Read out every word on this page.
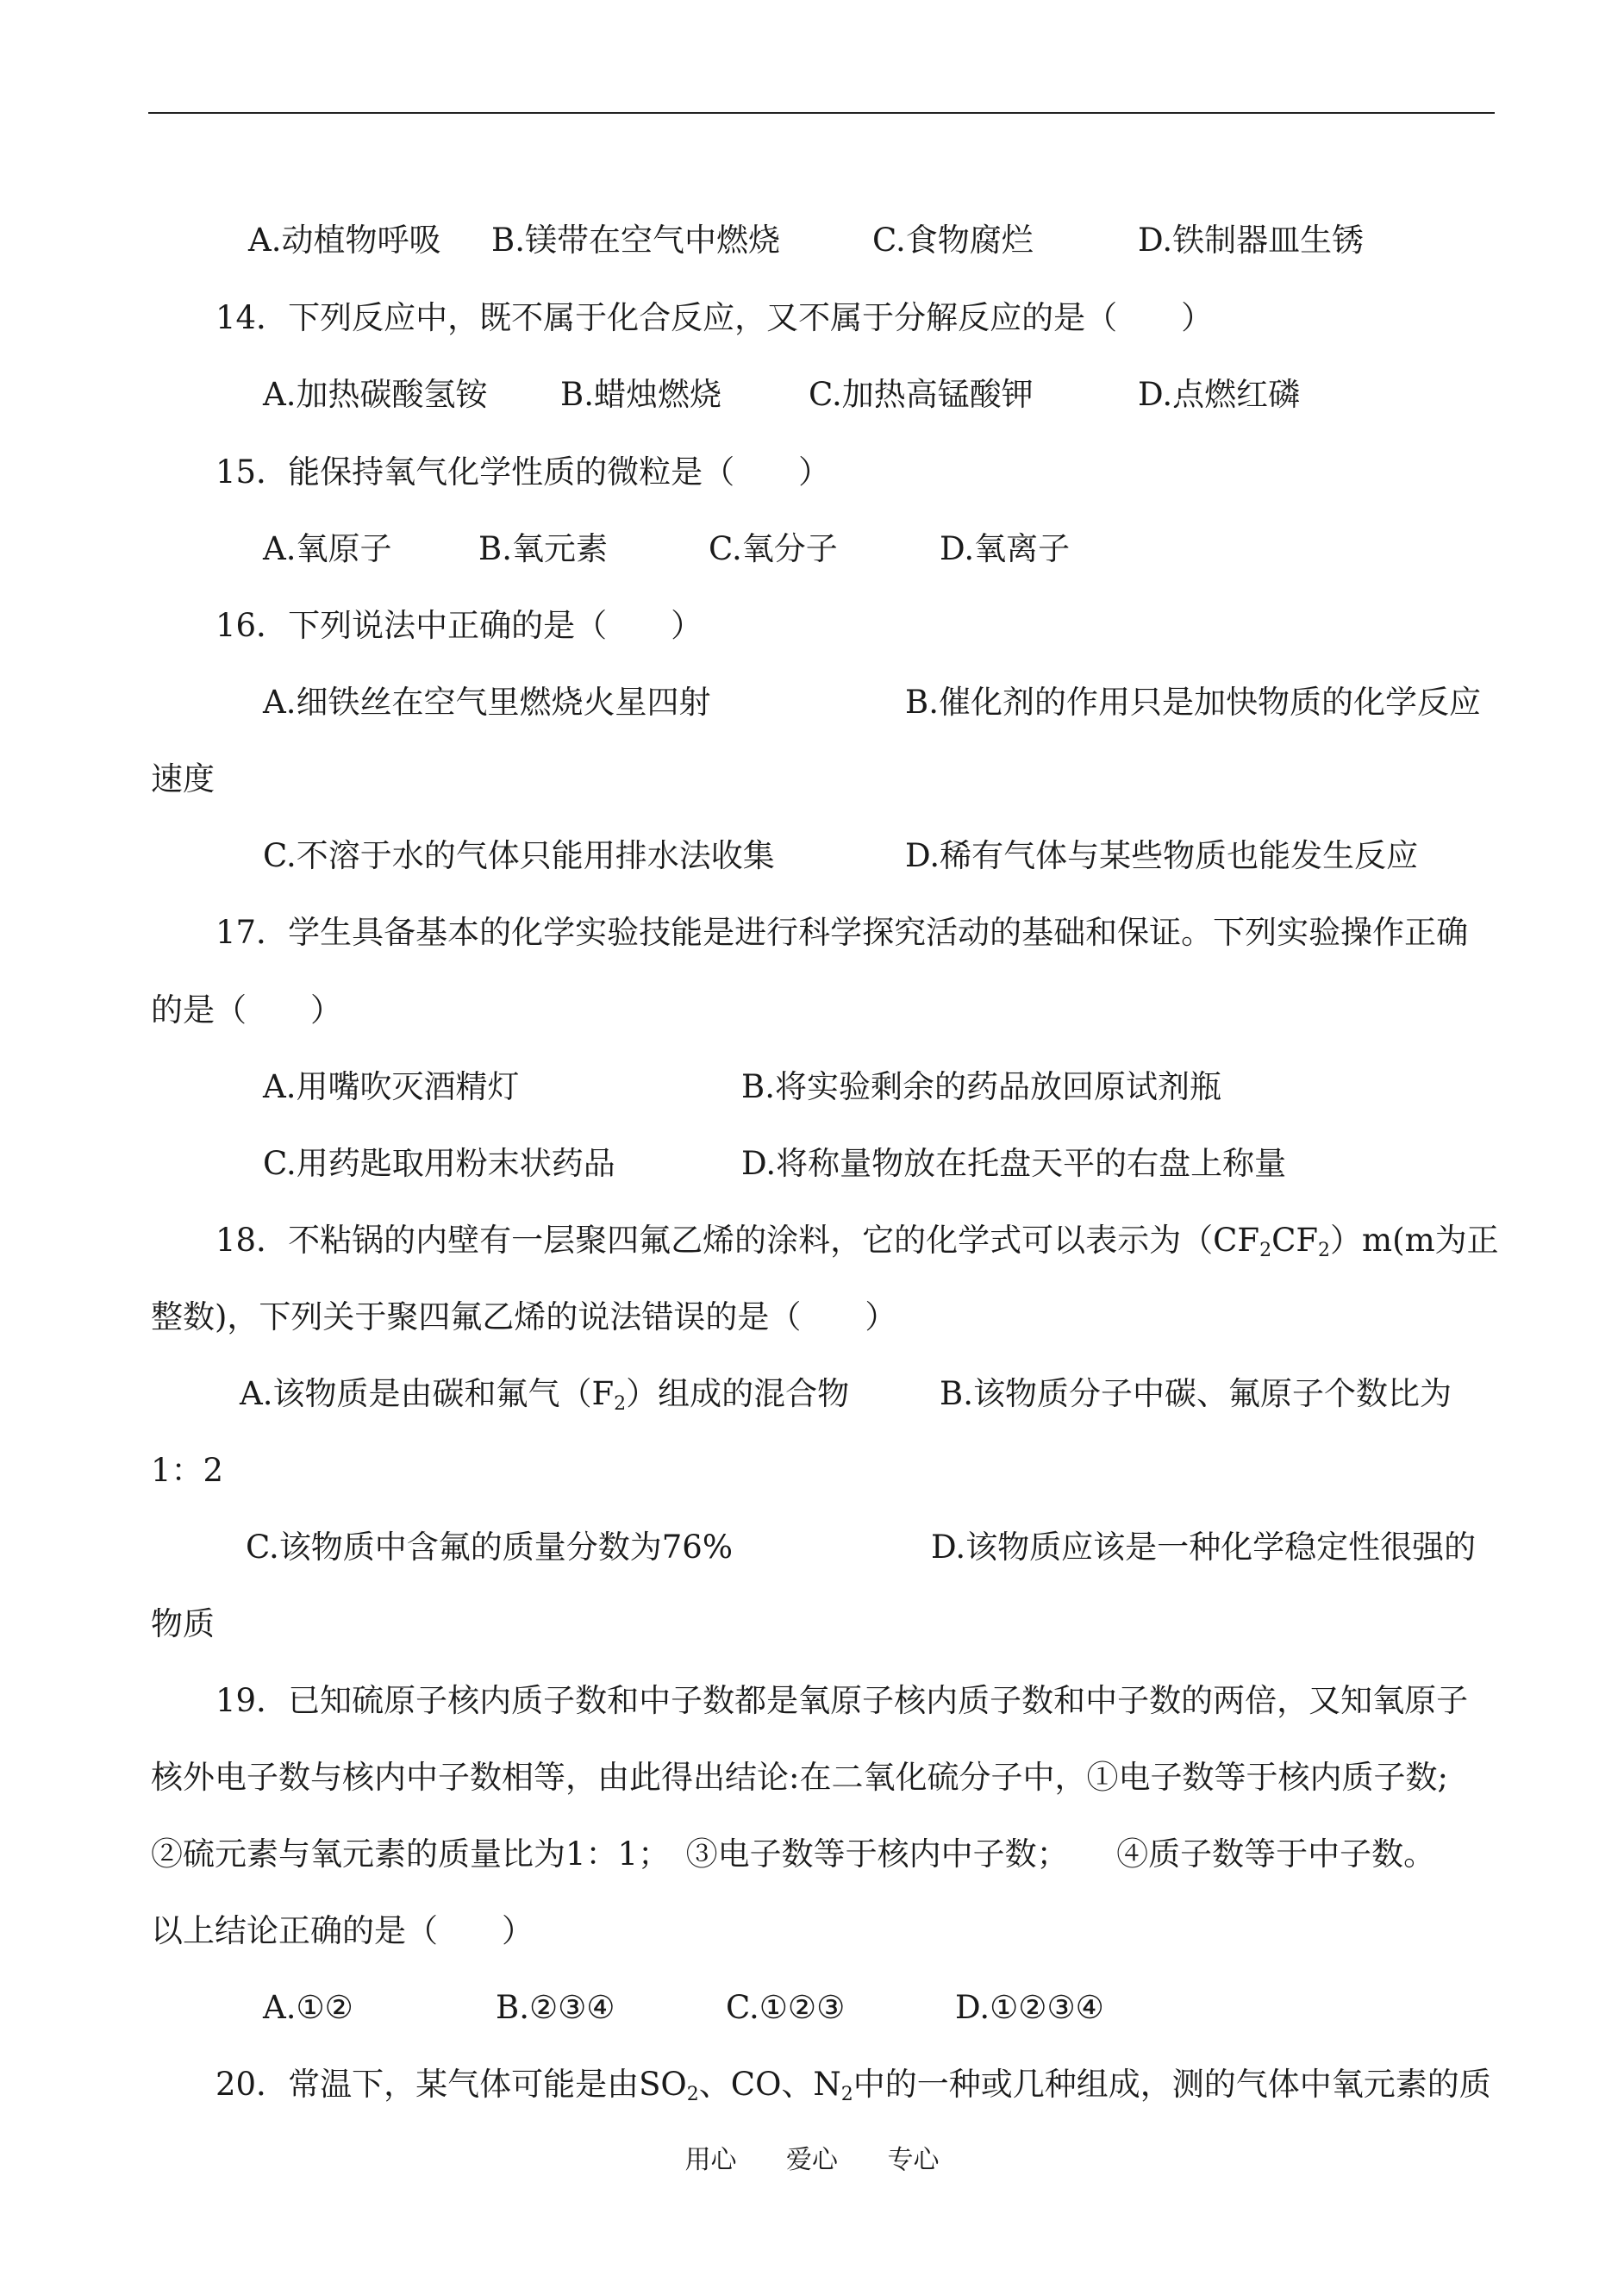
A.动植物呼吸 B.镁带在空气中燃烧	C.食物腐烂	D.铁制器皿生锈
14．下列反应中，既不属于化合反应，又不属于分解反应的是（　　）
A.加热碳酸氢铵 B.蜡烛燃烧	C.加热高锰酸钾	D.点燃红磷
15．能保持氧气化学性质的微粒是（　　）
A.氧原子	B.氧元素	C.氧分子	D.氧离子
16．下列说法中正确的是（　　）
A.细铁丝在空气里燃烧火星四射	B.催化剂的作用只是加快物质的化学反应
速度
C.不溶于水的气体只能用排水法收集	D.稀有气体与某些物质也能发生反应
17．学生具备基本的化学实验技能是进行科学探究活动的基础和保证。下列实验操作正确
的是（　　）
A.用嘴吹灭酒精灯	B.将实验剩余的药品放回原试剂瓶
C.用药匙取用粉末状药品	D.将称量物放在托盘天平的右盘上称量
18．不粘锅的内壁有一层聚四氟乙烯的涂料，它的化学式可以表示为$(CF_2CF_2)m(m$为正
整数)，下列关于聚四氟乙烯的说法错误的是（　　）
A.该物质是由碳和氟气$(F_2)$组成的混合物	B.该物质分子中碳、氟原子个数比为
1：2
C.该物质中含氟的质量分数为76%	D.该物质应该是一种化学稳定性很强的
物质
19．已知硫原子核内质子数和中子数都是氧原子核内质子数和中子数的两倍，又知氧原子
核外电子数与核内中子数相等，由此得出结论:在二氧化硫分子中，①电子数等于核内质子数;
②硫元素与氧元素的质量比为1：1；　③电子数等于核内中子数；　　④质子数等于中子数。
以上结论正确的是（　　）
A.①②	B.②③④	C.①②③	D.①②③④
20．常温下，某气体可能是由$SO_2$、CO、$N_2$中的一种或几种组成，测的气体中氧元素的质
用心 爱心 专心
